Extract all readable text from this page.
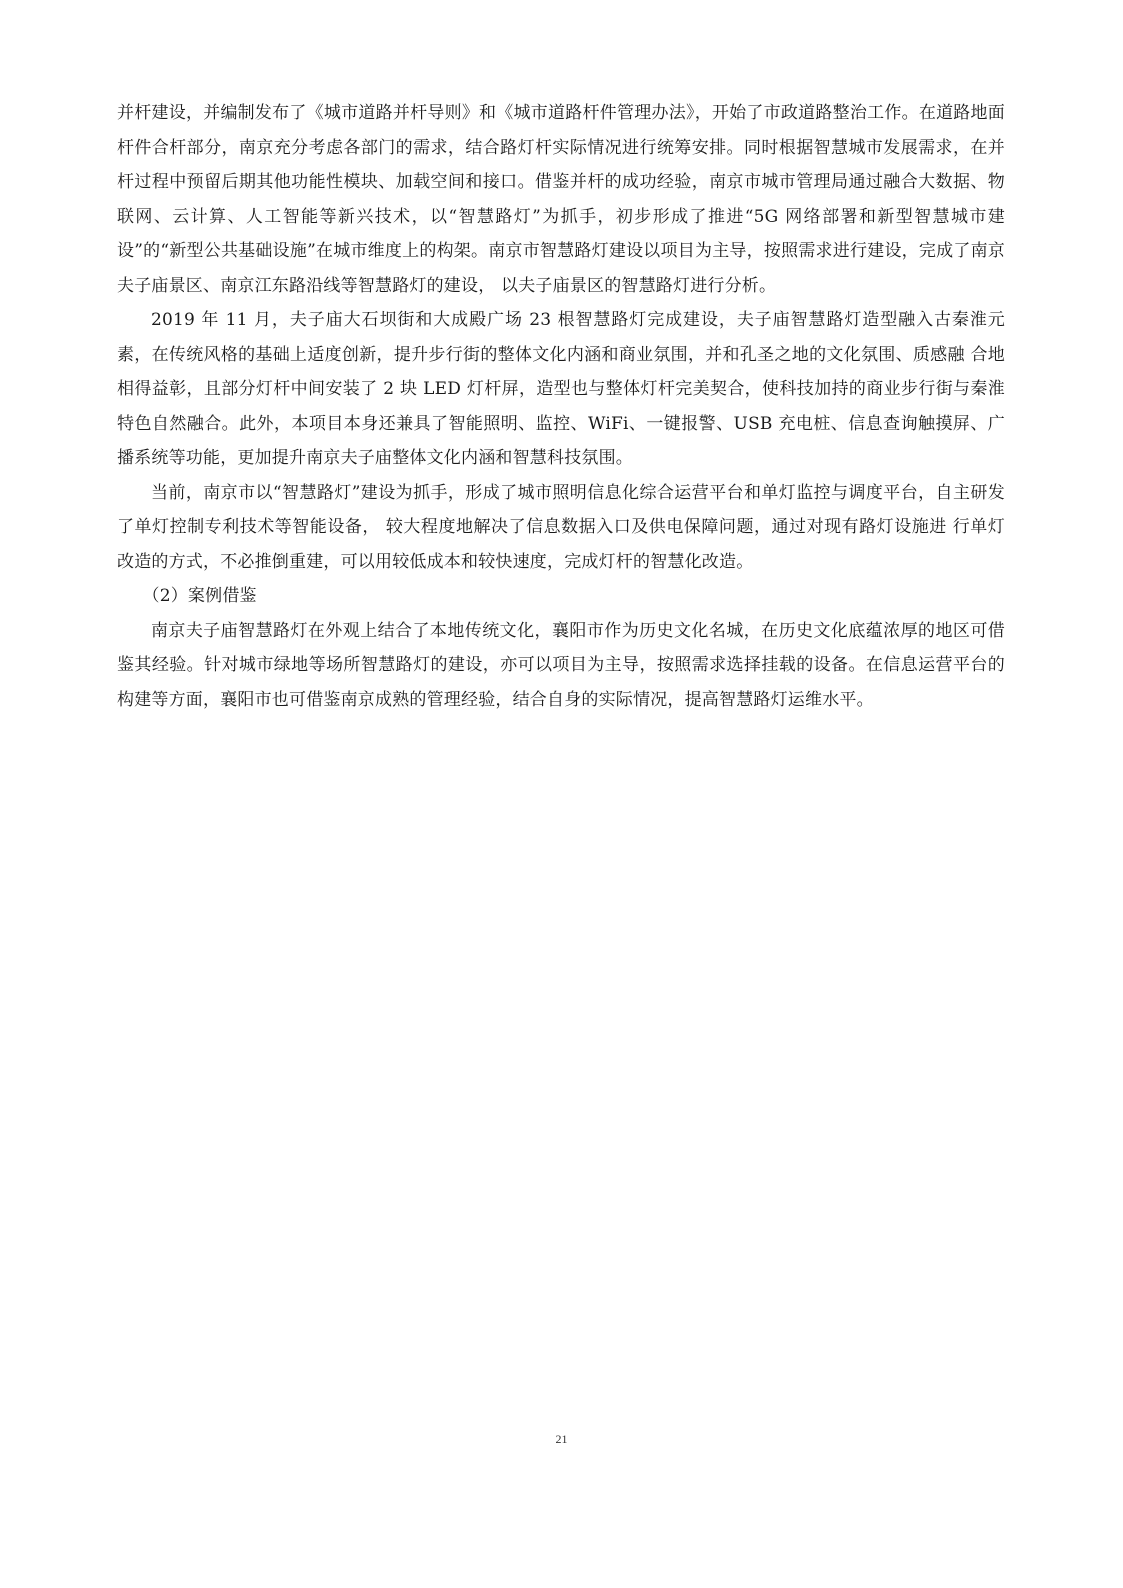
并杆建设，并编制发布了《城市道路并杆导则》和《城市道路杆件管理办法》，开始了市政道路整治工作。在道路地面杆件合杆部分，南京充分考虑各部门的需求，结合路灯杆实际情况进行统筹安排。同时根据智慧城市发展需求，在并杆过程中预留后期其他功能性模块、加载空间和接口。借鉴并杆的成功经验，南京市城市管理局通过融合大数据、物联网、云计算、人工智能等新兴技术，以“智慧路灯”为抓手，初步形成了推进“5G 网络部署和新型智慧城市建设”的“新型公共基础设施”在城市维度上的构架。南京市智慧路灯建设以项目为主导，按照需求进行建设，完成了南京夫子庙景区、南京江东路沿线等智慧路灯的建设， 以夫子庙景区的智慧路灯进行分析。

2019 年 11 月，夫子庙大石坝街和大成殿广场 23 根智慧路灯完成建设，夫子庙智慧路灯造型融入古秦淮元素，在传统风格的基础上适度创新，提升步行街的整体文化内涵和商业氛围，并和孔圣之地的文化氛围、质感融 合地相得益彰，且部分灯杆中间安装了 2 块 LED 灯杆屏，造型也与整体灯杆完美契合，使科技加持的商业步行街与秦淮特色自然融合。此外，本项目本身还兼具了智能照明、监控、WiFi、一键报警、USB 充电桩、信息查询触摸屏、广播系统等功能，更加提升南京夫子庙整体文化内涵和智慧科技氛围。

当前，南京市以“智慧路灯”建设为抓手，形成了城市照明信息化综合运营平台和单灯监控与调度平台，自主研发了单灯控制专利技术等智能设备， 较大程度地解决了信息数据入口及供电保障问题，通过对现有路灯设施进 行单灯改造的方式，不必推倒重建，可以用较低成本和较快速度，完成灯杆的智慧化改造。

（2）案例借鉴

南京夫子庙智慧路灯在外观上结合了本地传统文化，襄阳市作为历史文化名城，在历史文化底蕴浓厚的地区可借鉴其经验。针对城市绿地等场所智慧路灯的建设，亦可以项目为主导，按照需求选择挂载的设备。在信息运营平台的构建等方面，襄阳市也可借鉴南京成熟的管理经验，结合自身的实际情况，提高智慧路灯运维水平。

21
